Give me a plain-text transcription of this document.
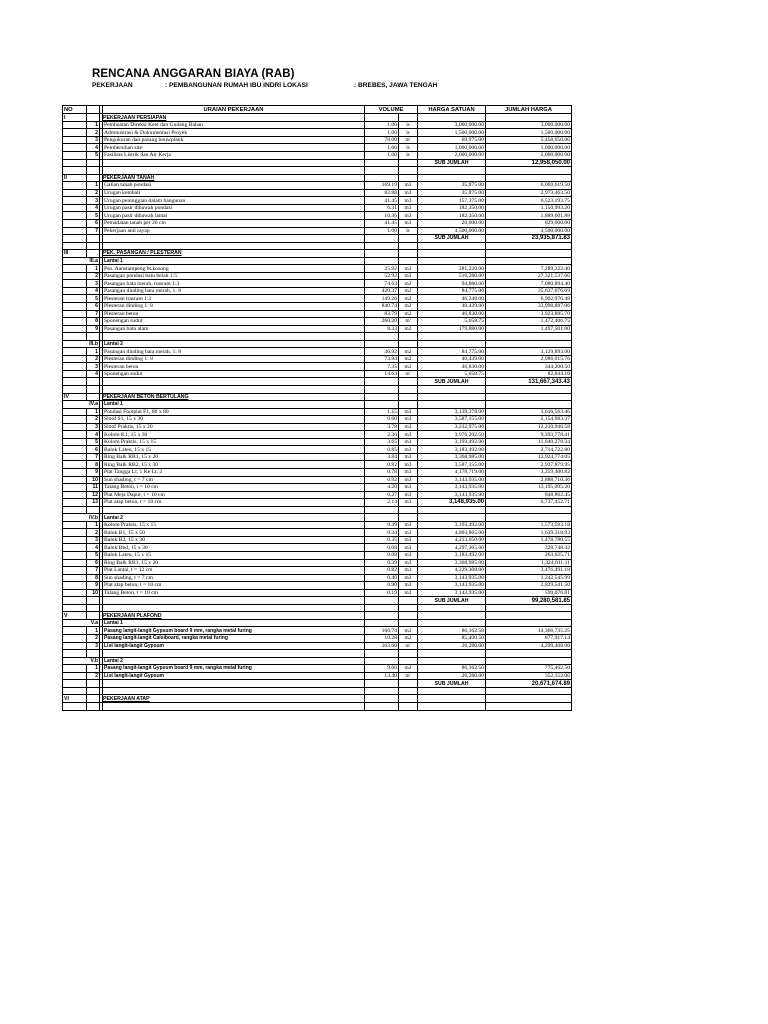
RENCANA ANGGARAN BIAYA (RAB)
PEKERJAAN	: PEMBANGUNAN RUMAH IBU INDRI LOKASI	: BREBES, JAWA TENGAH
NO			URAIAN PEKERJAAN	VOLUME		HARGA SATUAN	JUMLAH HARGA
I			PEKERJAAN PERSIAPAN				
	1		Pembuatan Direksi Keet dan Gudang Bahan	1.00	ls	3,000,000.00	3,000,000.00
	2		Administrasi & Dokumentasi Proyek	1.00	ls	1,500,000.00	1,500,000.00
	3		Pengukuran dan pasang bouwplank	78.00	m'	69,975.00	5,458,050.00
	4		Pembersihan site	1.00	ls	1,000,000.00	1,000,000.00
	5		Fasilitas Listrik dan Air Kerja	1.00	ls	2,000,000.00	2,000,000.00
						SUB JUMLAH	12,958,050.00

II			PEKERJAAN TANAH				
	1		Galian tanah pondasi	169.19	m3	35,875.00	6,069,619.50
	2		Urugan kembali	82.88	m3	35,875.00	2,973,463.50
	3		Urugan peninggian dalam bangunan	41.45	m3	157,375.00	6,523,193.75
	4		Urugan pasir dibawah pondasi	6.31	m3	182,350.00	1,150,993.20
	5		Urugan pasir dibawah lantai	10.36	m3	182,350.00	1,889,601.88
	6		Pemadatan tanah per 20 cm	41.45	m3	20,000.00	829,000.00
	7		Pekerjaan anti rayap	1.00	ls	4,500,000.00	4,500,000.00
						SUB JUMLAH	23,935,871.83

III			PEK. PASANGAN / PLESTERAN				
III.a			Lantai 1				
	1		Psn. Aanstampeng bt.kosong	25.92	m3	281,220.00	7,289,222.40
	2		Pasangan pondasi batu belah 1:5	52.92	m3	516,280.00	27,321,537.60
	3		Pasangan bata merah, trasram 1:3	74.63	m2	94,880.00	7,080,894.40
	4		Pasangan dinding bata merah, 1: 8	420.37	m2	84,775.00	35,637,076.69
	5		Plesteran trasram 1:3	149.26	m2	46,248.00	6,902,976.48
	6		Plesteran dinding 1: 8	840.74	m2	40,439.00	33,998,887.06
	7		Plesteran beton	83.79	m2	46,830.00	3,923,885.70
	8		Sponengan sudut	260.20	m'	5,658.75	1,472,406.75
	9		Pasangan batu alam	8.33	m2	179,880.00	1,497,501.00

III.b			Lantai 2				
	1		Pasangan dinding bata merah, 1: 8	36.92	m2	84,775.00	3,129,893.00
	2		Plesteran dinding 1: 8	73.84	m2	40,439.00	2,986,015.76
	3		Plesteran beton	7.35	m2	46,830.00	344,200.50
	4		Sponengan sudut	14.64	m'	5,658.75	82,844.10
						SUB JUMLAH	131,667,343.43

IV			PEKERJAAN BETON BERTULANG				
IV.a			Lantai 1				
	1		Pondasi Footplat F1, 80 x 80	1.15	m3	3,139,378.00	3,616,563.46
	2		Sloof S1, 15 x 30	0.60	m3	3,587,155.00	2,154,983.37
	3		Sloof Praktis, 15 x 20	3.78	m3	3,232,975.00	12,210,946.58
	4		Kolom K1, 15 x 30	2.36	m3	3,976,202.50	9,393,778.41
	5		Kolom Praktis, 15 x 15	3.65	m3	3,193,492.00	11,640,278.34
	6		Balok Lateu, 15 x 15	0.85	m3	3,183,492.00	2,714,722.80
	7		Ring Balk RB1, 15 x 20	3.84	m3	3,368,985.00	12,924,774.05
	8		Ring Balk RB2, 15 x 30	0.82	m3	3,587,155.00	2,937,879.95
	9		Plat Tangga Lt. 1 Ke Lt. 2	0.78	m3	4,178,719.00	3,259,400.82
	10		Sun shading, t = 7 cm	0.92	m3	3,143,935.00	2,888,710.36
	11		Talang Beton, t = 10 cm	4.20	m3	3,143,935.00	13,195,095.20
	12		Plat Meja Dapur, t = 10 cm	0.27	m3	3,143,935.00	848,862.45
	13		Plat atap beton, t = 10 cm	2.14	m3	3,148,935.00	6,737,452.71

IV.b			Lantai 2				
	1		Kolom Praktis, 15 x 15	0.49	m3	3,193,492.00	1,573,593.18
	2		Balok B1, 15 x 50	0.34	m3	4,803,865.00	1,639,318.93
	3		Balok B2, 15 x 30	0.35	m3	4,213,050.00	1,478,780.55
	4		Balok Bbd, 15 x 30	0.08	m3	4,297,365.00	328,748.42
	5		Balok Lateu, 15 x 15	0.08	m3	3,183,492.00	263,025.71
	6		Ring Balk RB1, 15 x 20	0.39	m3	3,368,985.00	1,324,011.11
	7		Plat Lantai, t = 12 cm	0.82	m3	4,229,308.00	3,476,491.18
	8		Sun shading, t = 7 cm	0.40	m3	3,143,935.00	1,242,545.99
	9		Plat atap beton, t = 10 cm	0.90	m3	3,143,935.00	2,829,541.50
	10		Talang Beton, t = 10 cm	0.19	m3	3,143,935.00	599,076.81
						SUB JUMLAH	99,280,581.85

V			PEKERJAAN PLAFOND				
V.a			Lantai 1				
	1		Pasang langit-langit Gypsum board 9 mm, rangka metal furing	166.74	m2	86,162.50	14,366,735.25
	2		Pasang langit-langit Calsiboard, rangka metal furing	10.28	m2	85,400.50	877,917.14
	3		List langit-langit Gypsum	163.60	m'	26,280.00	4,299,408.00

V.b			Lantai 2				
	1		Pasang langit-langit Gypsum board 9 mm, rangka metal furing	9.00	m2	86,162.50	775,462.50
	2		List langit-langit Gypsum	13.40	m'	26,280.00	352,152.00
						SUB JUMLAH	20,671,674.89

VI			PEKERJAAN ATAP				
